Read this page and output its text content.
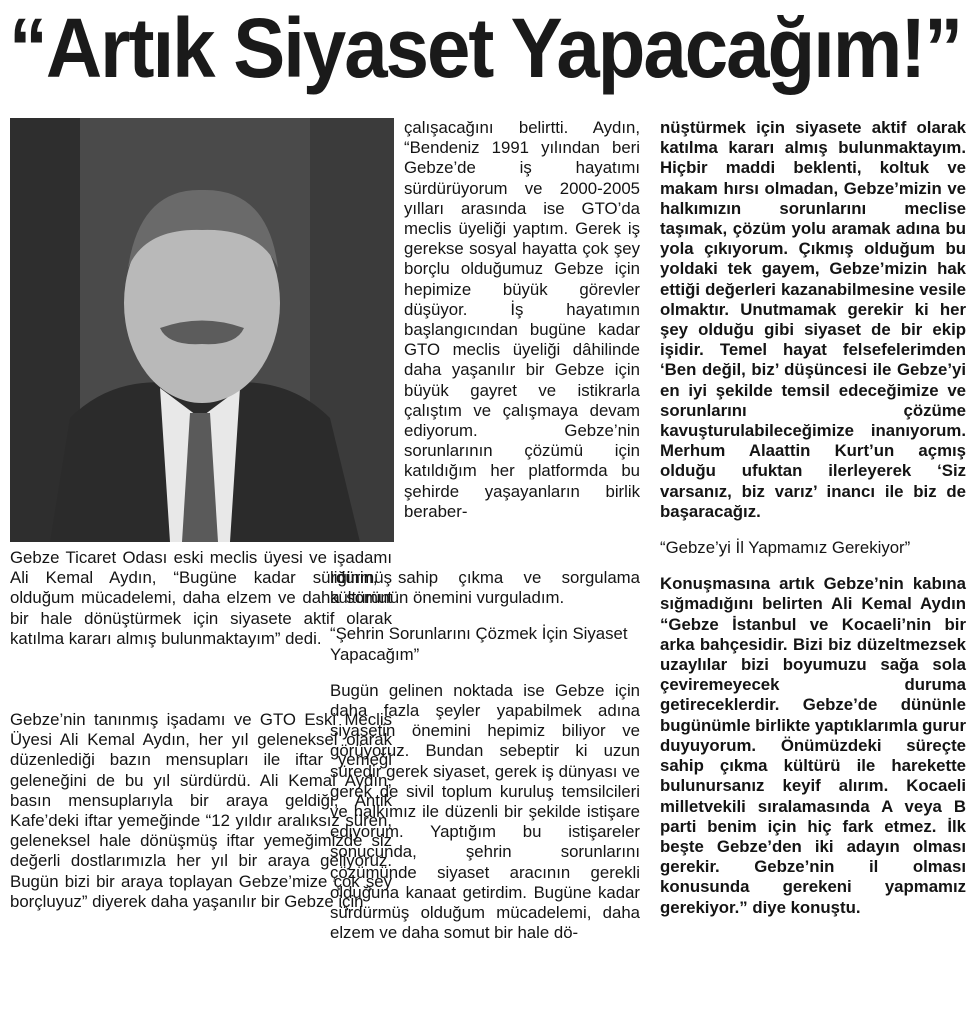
“Artık Siyaset Yapacağım!”
Gebze Ticaret Odası eski meclis üyesi ve işadamı Ali Kemal Aydın, “Bugüne kadar sürdürmüş olduğum mücadelemi, daha elzem ve daha somut bir hale dönüştürmek için siyasete aktif olarak katılma kararı almış bulunmaktayım” dedi.
Gebze’nin tanınmış işadamı ve GTO Eski Meclis Üyesi Ali Kemal Aydın, her yıl geleneksel olarak düzenlediği bazın mensupları ile iftar yemeği geleneğini de bu yıl sürdürdü. Ali Kemal Aydın, basın mensuplarıyla bir araya geldiği, Antik Kafe’deki iftar yemeğinde “12 yıldır aralıksız süren, geleneksel hale dönüşmüş iftar yemeğimizde siz değerli dostlarımızla her yıl bir araya geliyoruz. Bugün bizi bir araya toplayan Gebze’mize çok şey borçluyuz” diyerek daha yaşanılır bir Gebze için
çalışacağını belirtti. Aydın, “Bendeniz 1991 yılından beri Gebze’de iş hayatımı sürdürüyorum ve 2000-2005 yılları arasında ise GTO’da meclis üyeliği yaptım. Gerek iş gerekse sosyal hayatta çok şey borçlu olduğumuz Gebze için hepimize büyük görevler düşüyor. İş hayatımın başlangıcından bugüne kadar GTO meclis üyeliği dâhilinde daha yaşanılır bir Gebze için büyük gayret ve istikrarla çalıştım ve çalışmaya devam ediyorum. Gebze’nin sorunlarının çözümü için katıldığım her platformda bu şehirde yaşayanların birlik beraber-

liğinin, sahip çıkma ve sorgulama kültürünün önemini vurguladım.

“Şehrin Sorunlarını Çözmek İçin Siyaset Yapacağım”

Bugün gelinen noktada ise Gebze için daha fazla şeyler yapabilmek adına siyasetin önemini hepimiz biliyor ve görüyoruz. Bundan sebeptir ki uzun süredir gerek siyaset, gerek iş dünyası ve gerek de sivil toplum kuruluş temsilcileri ve halkımız ile düzenli bir şekilde istişare ediyorum. Yaptığım bu istişareler sonucunda, şehrin sorunlarını çözümünde siyaset aracının gerekli olduğuna kanaat getirdim. Bugüne kadar sürdürmüş olduğum mücadelemi, daha elzem ve daha somut bir hale dö-

nüştürmek için siyasete aktif olarak katılma kararı almış bulunmaktayım. Hiçbir maddi beklenti, koltuk ve makam hırsı olmadan, Gebze’mizin ve halkımızın sorunlarını meclise taşımak, çözüm yolu aramak adına bu yola çıkıyorum. Çıkmış olduğum bu yoldaki tek gayem, Gebze’mizin hak ettiği değerleri kazanabilmesine vesile olmaktır. Unutmamak gerekir ki her şey olduğu gibi siyaset de bir ekip işidir. Temel hayat felsefelerimden ‘Ben değil, biz’ düşüncesi ile Gebze’yi en iyi şekilde temsil edeceğimize ve sorunlarını çözüme kavuşturulabileceğimize inanıyorum. Merhum Alaattin Kurt’un açmış olduğu ufuktan ilerleyerek ‘Siz varsanız, biz varız’ inancı ile biz de başaracağız.

“Gebze’yi İl Yapmamız Gerekiyor”

Konuşmasına artık Gebze’nin kabına sığmadığını belirten Ali Kemal Aydın “Gebze İstanbul ve Kocaeli’nin bir arka bahçesidir. Bizi biz düzeltmezsek uzaylılar bizi boyumuzu sağa sola çeviremeyecek duruma getireceklerdir. Gebze’de dününle bugünümle birlikte yaptıklarımla gurur duyuyorum. Önümüzdeki süreçte sahip çıkma kültürü ile harekette bulunursanız keyif alırım. Kocaeli milletvekili sıralamasında A veya B parti benim için hiç fark etmez. İlk beşte Gebze’den iki adayın olması gerekir. Gebze’nin il olması konusunda gerekeni yapmamız gerekiyor.” diye konuştu.
